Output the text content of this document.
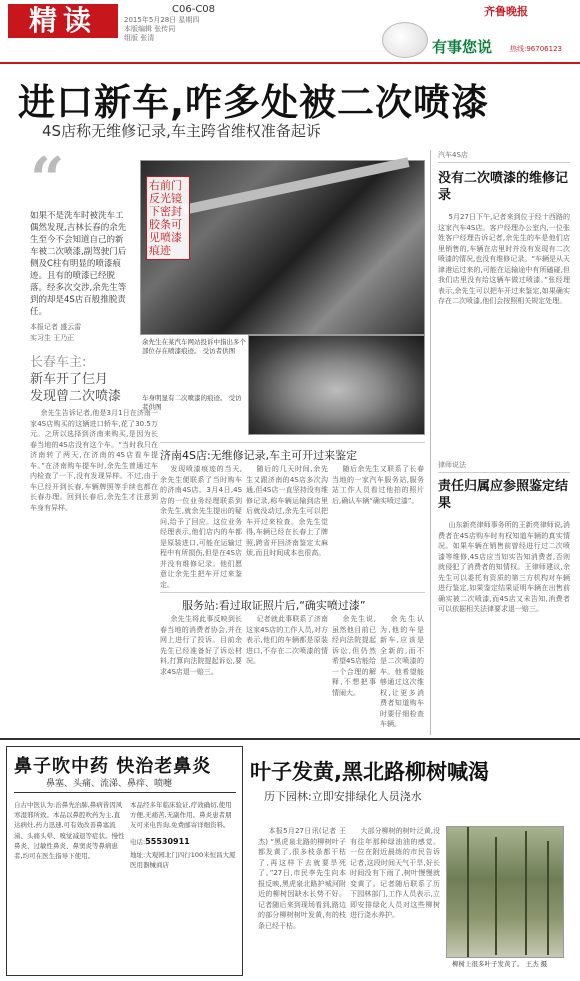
精读	C06-C08
2015年5月28日 星期四
本版编辑 张传同
组版 张清
齐鲁晚报
有事您说	热线:96706123
进口新车,咋多处被二次喷漆
4S店称无维修记录,车主跨省维权准备起诉
“
如果不是洗车时被洗车工偶然发现,吉林长春的余先生至今不会知道自己的新车被二次喷漆,副驾驶门后侧及C柱有明显的喷漆痕迹。且有的喷漆已经脱落。经多次交涉,余先生等到的却是4S店百般推脱责任。
本报记者 盛云雷
实习生 王乃正
长春车主:
新车开了仨月
发现曾二次喷漆

余先生告诉记者,他是3月1日在济南一家4S店购买的这辆进口轿车,花了30.5万元。之所以选择到济南来购买,是因为长春当地的4S店没有这个车。“当时我只在济南转了两天,在济南的4S店看车提车。”在济南购车提车时,余先生曾通过车内检查了一下,没有发现异样。不过,由于车已经开到长春,车辆牌照等手续也都在长春办理。回到长春后,余先生才注意到车身有异样。

右前门反光镜下密封胶条可见喷漆痕迹
余先生在某汽车网站投诉中指出多个部位存在喷漆痕迹。 受访者供图
车身明显有二次喷漆的痕迹。 受访者供图
济南4S店:无维修记录,车主可开过来鉴定

发现喷漆痕迹的当天,余先生便联系了当时购车的济南4S店。3月4日,4S店的一位业务经理联系到余先生,就余先生提出的疑问,给予了回应。这位业务经理表示,他们店内的车都是原装进口,可能在运输过程中有所损伤,但是在4S店并没有维修记录。他们愿意让余先生把车开过来鉴定。

随后的几天时间,余先生又跟济南的4S店多次沟通,但4S店一直坚持没有维修记录,称车辆运输到店里后就没动过,余先生可以把车开过来检查。余先生觉得,车辆已经在长春上了牌照,跨省开回济南鉴定太麻烦,而且时间成本也很高。

随后余先生又联系了长春当地的一家汽车服务站,服务站工作人员看过他拍的照片后,确认车辆“确实喷过漆”。

服务站:看过取证照片后,“确实喷过漆”

余先生将此事反映到长春当地的消费者协会,并在网上进行了投诉。目前余先生已经准备好了诉讼材料,打算向法院提起诉讼,要求4S店退一赔三。

记者就此事联系了济南这家4S店的工作人员,对方表示,他们的车辆都是原装进口,不存在二次喷漆的情况。

余先生说,虽然他目前已经向法院提起诉讼,但仍然希望4S店能给一个合理的解释,不想把事情闹大。

余先生认为,他的车是新车,应该是全新的,而不是二次喷漆的车。他希望能够通过这次维权,让更多消费者知道购车时要仔细检查车辆。

汽车4S店
没有二次喷漆的维修记录

5月27日下午,记者来到位于经十西路的这家汽车4S店。客户经理办公室内,一位张姓客户经理告诉记者,余先生的车是他们店里销售的,车辆在店里时并没有发现有二次喷漆的情况,也没有维修记录。“车辆是从天津港运过来的,可能在运输途中有所磕碰,但我们店里没有给这辆车做过喷漆。”张经理表示,余先生可以把车开过来鉴定,如果确实存在二次喷漆,他们会按照相关规定处理。

律师说法
责任归属应参照鉴定结果

山东新亮律师事务所的王新亮律师说,消费者在4S店购车时有权知道车辆的真实情况。如果车辆在销售前曾经进行过二次喷漆等维修,4S店应当如实告知消费者,否则就侵犯了消费者的知情权。王律师建议,余先生可以委托有资质的第三方机构对车辆进行鉴定,如果鉴定结果证明车辆在出售前确实被二次喷漆,而4S店又未告知,消费者可以依据相关法律要求退一赔三。

鼻子吹中药 快治老鼻炎
鼻塞、头痛、流涕、鼻痒、喷嚏
自古中医认为:治鼻先治肺,鼻病皆因风寒湿邪所致。本品以鼻腔吹药为主,直达病灶,药力迅速,可有效改善鼻塞流涕、头痛头晕、嗅觉减退等症状。慢性鼻炎、过敏性鼻炎、鼻窦炎等鼻病患者,均可在医生指导下使用。
本品经多年临床验证,疗效确切,使用方便,无痛苦,无副作用。鼻炎患者朋友可来电咨询,免费邮寄详细资料。
电话:55530911
地址:大观园北门四行100米恒昌大厦医用器械商店
叶子发黄,黑北路柳树喊渴
历下园林:立即安排绿化人员浇水

本报5月27日讯(记者 王杰) “黑虎泉北路的柳树叶子都发黄了,很多枝条都干枯了,再这样下去就要旱死了。”27日,市民李先生向本报反映,黑虎泉北路护城河附近的柳树因缺水长势不好。记者随后来到现场看到,路边的部分柳树树叶发黄,有的枝条已经干枯。

大部分柳树的树叶泛黄,没有往年那种绿油油的感觉。一位在附近晨练的市民告诉记者,这段时间天气干旱,好长时间没有下雨了,树叶慢慢就变黄了。记者随后联系了历下园林部门,工作人员表示,立即安排绿化人员对这些柳树进行浇水养护。

柳树上很多叶子发黄了。 王杰 摄
